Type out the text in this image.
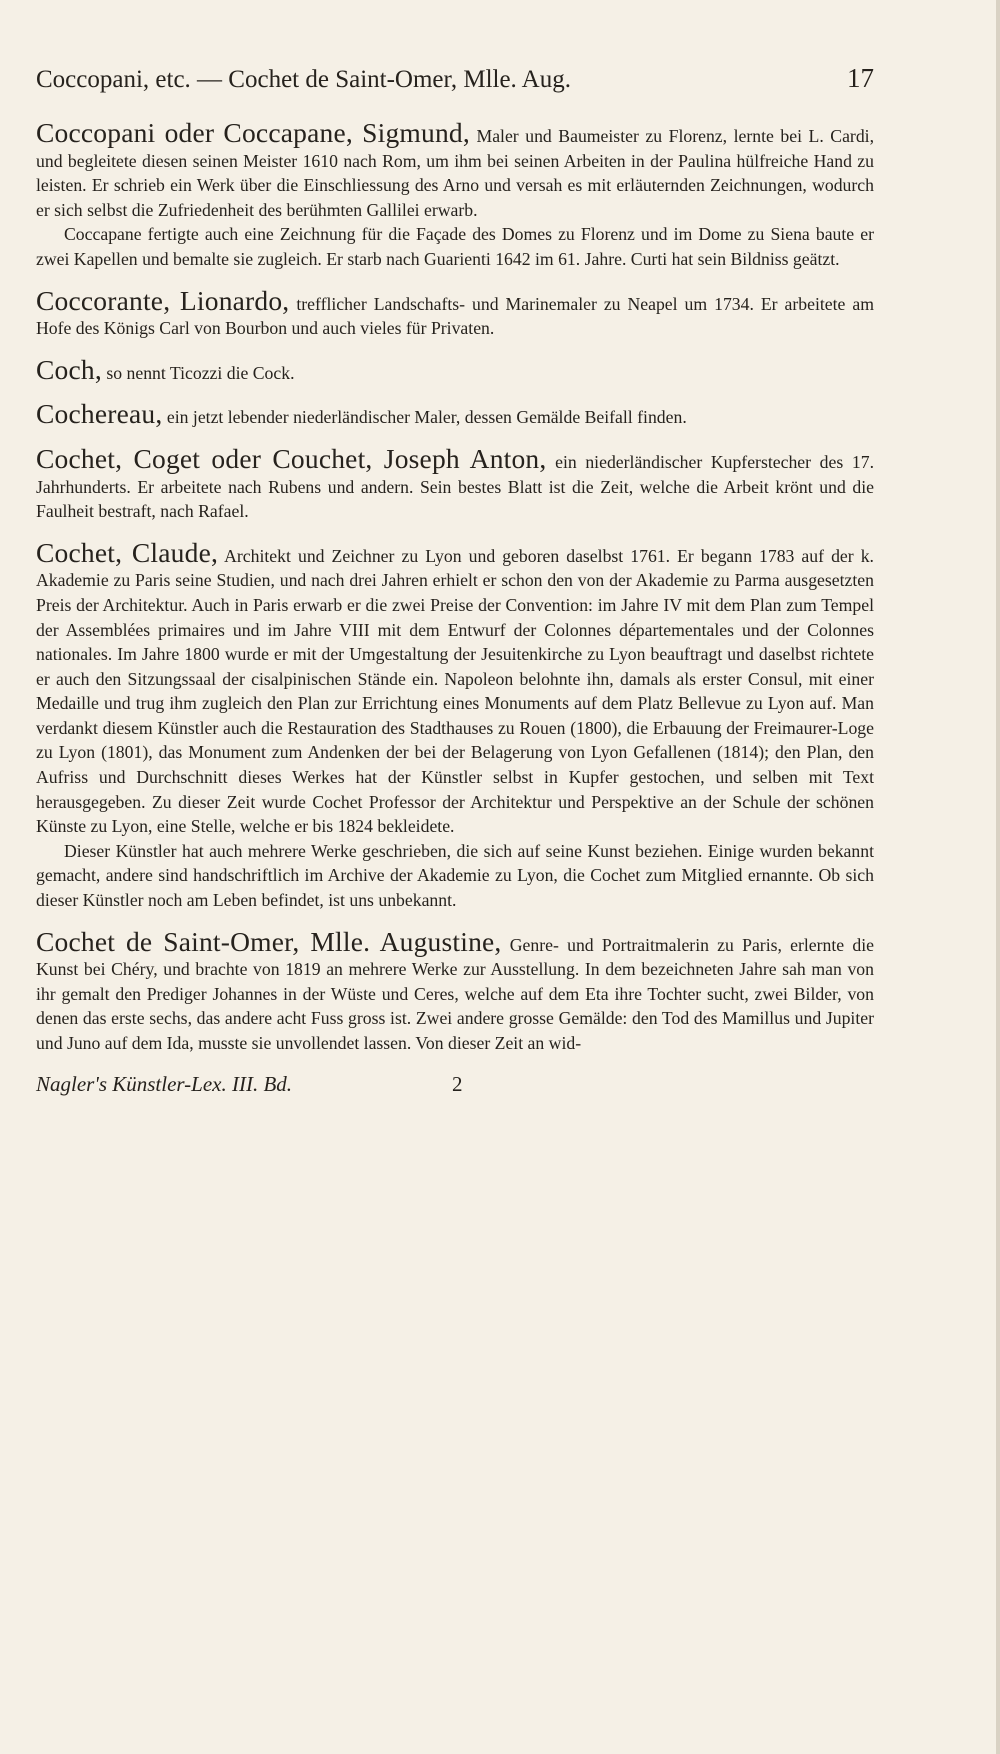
Coccopani, etc. — Cochet de Saint-Omer, Mlle. Aug.	17

Coccopani oder Coccapane, Sigmund, Maler und Baumeister zu Florenz, lernte bei L. Cardi, und begleitete diesen seinen Meister 1610 nach Rom, um ihm bei seinen Arbeiten in der Paulina hülfreiche Hand zu leisten. Er schrieb ein Werk über die Einschliessung des Arno und versah es mit erläuternden Zeichnungen, wodurch er sich selbst die Zufriedenheit des berühmten Gallilei erwarb.

Coccapane fertigte auch eine Zeichnung für die Façade des Domes zu Florenz und im Dome zu Siena baute er zwei Kapellen und bemalte sie zugleich. Er starb nach Guarienti 1642 im 61. Jahre. Curti hat sein Bildniss geätzt.

Coccorante, Lionardo, trefflicher Landschafts- und Marinemaler zu Neapel um 1734. Er arbeitete am Hofe des Königs Carl von Bourbon und auch vieles für Privaten.

Coch, so nennt Ticozzi die Cock.

Cochereau, ein jetzt lebender niederländischer Maler, dessen Gemälde Beifall finden.

Cochet, Coget oder Couchet, Joseph Anton, ein niederländischer Kupferstecher des 17. Jahrhunderts. Er arbeitete nach Rubens und andern. Sein bestes Blatt ist die Zeit, welche die Arbeit krönt und die Faulheit bestraft, nach Rafael.

Cochet, Claude, Architekt und Zeichner zu Lyon und geboren daselbst 1761. Er begann 1783 auf der k. Akademie zu Paris seine Studien, und nach drei Jahren erhielt er schon den von der Akademie zu Parma ausgesetzten Preis der Architektur. Auch in Paris erwarb er die zwei Preise der Convention: im Jahre IV mit dem Plan zum Tempel der Assemblées primaires und im Jahre VIII mit dem Entwurf der Colonnes départementales und der Colonnes nationales. Im Jahre 1800 wurde er mit der Umgestaltung der Jesuitenkirche zu Lyon beauftragt und daselbst richtete er auch den Sitzungssaal der cisalpinischen Stände ein. Napoleon belohnte ihn, damals als erster Consul, mit einer Medaille und trug ihm zugleich den Plan zur Errichtung eines Monuments auf dem Platz Bellevue zu Lyon auf. Man verdankt diesem Künstler auch die Restauration des Stadthauses zu Rouen (1800), die Erbauung der Freimaurer-Loge zu Lyon (1801), das Monument zum Andenken der bei der Belagerung von Lyon Gefallenen (1814); den Plan, den Aufriss und Durchschnitt dieses Werkes hat der Künstler selbst in Kupfer gestochen, und selben mit Text herausgegeben. Zu dieser Zeit wurde Cochet Professor der Architektur und Perspektive an der Schule der schönen Künste zu Lyon, eine Stelle, welche er bis 1824 bekleidete.

Dieser Künstler hat auch mehrere Werke geschrieben, die sich auf seine Kunst beziehen. Einige wurden bekannt gemacht, andere sind handschriftlich im Archive der Akademie zu Lyon, die Cochet zum Mitglied ernannte. Ob sich dieser Künstler noch am Leben befindet, ist uns unbekannt.

Cochet de Saint-Omer, Mlle. Augustine, Genre- und Portraitmalerin zu Paris, erlernte die Kunst bei Chéry, und brachte von 1819 an mehrere Werke zur Ausstellung. In dem bezeichneten Jahre sah man von ihr gemalt den Prediger Johannes in der Wüste und Ceres, welche auf dem Eta ihre Tochter sucht, zwei Bilder, von denen das erste sechs, das andere acht Fuss gross ist. Zwei andere grosse Gemälde: den Tod des Mamillus und Jupiter und Juno auf dem Ida, musste sie unvollendet lassen. Von dieser Zeit an wid-

Nagler's Künstler-Lex. III. Bd.	2
